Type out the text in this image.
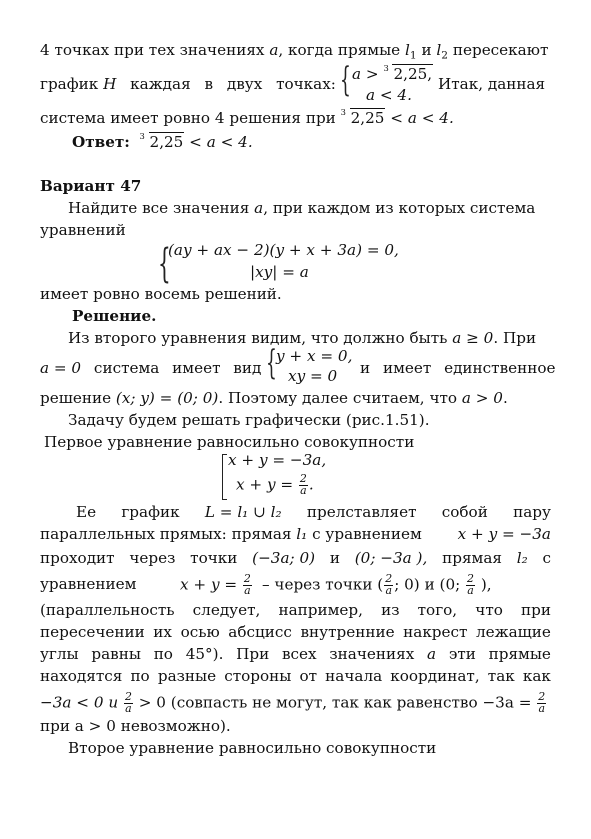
4 точках при тех значениях a, когда прямые $l_1$ и $l_2$ пересекают
график H каждая в двух точках: { a > 3 2,25,
a < 4.
Итак, данная
система имеет ровно 4 решения при 3 2,25 < a < 4.
Ответ: 3 2,25 < a < 4.
Вариант 47
Найдите все значения a, при каждом из которых система
уравнений
{
(ay + ax − 2)(y + x + 3a) = 0,
|xy| = a
имеет ровно восемь решений.
Решение.
Из второго уравнения видим, что должно быть a ≥ 0. При
a = 0 система имеет вид { y + x = 0,
xy = 0 и имеет единственное
решение (x; y) = (0; 0). Поэтому далее считаем, что a > 0.
Задачу будем решать графически (рис.1.51).
Первое уравнение равносильно совокупности
x + y = −3a,
$x + y = \frac{2}{a}$ .
Ее график L = l₁ ∪ l₂ прелставляет собой пару
параллельных прямых: прямая l₁ с уравнением x + y = −3a
проходит через точки (−3a; 0) и (0; −3a ), прямая l₂ с
уравнением	$x + y = \frac{2}{a}$ – через точки ( $\frac{2}{a}$ ; 0) и (0; $\frac{2}{a}$ ),
(параллельность следует, например, из того, что при
пересечении их осью абсцисс внутренние накрест лежащие
углы равны по 45°). При всех значениях a эти прямые
находятся по разные стороны от начала координат, так как
−3a < 0 и $\frac{2}{a} > 0$ (совпасть не могут, так как равенство $-3a = \frac{2}{a}$
при a > 0 невозможно).
Второе уравнение равносильно совокупности
